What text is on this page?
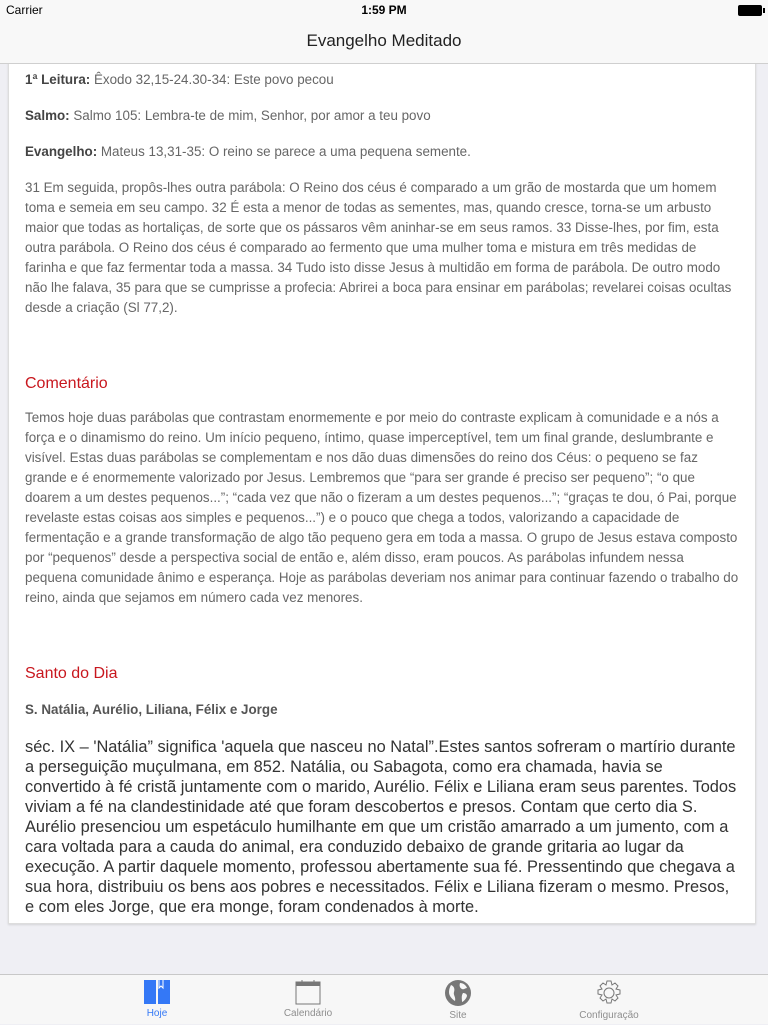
Carrier	1:59 PM
Evangelho Meditado

1ª Leitura: Êxodo 32,15-24.30-34: Este povo pecou

Salmo: Salmo 105: Lembra-te de mim, Senhor, por amor a teu povo

Evangelho: Mateus 13,31-35: O reino se parece a uma pequena semente.

31 Em seguida, propôs-lhes outra parábola: O Reino dos céus é comparado a um grão de mostarda que um homem toma e semeia em seu campo. 32 É esta a menor de todas as sementes, mas, quando cresce, torna-se um arbusto maior que todas as hortaliças, de sorte que os pássaros vêm aninhar-se em seus ramos. 33 Disse-lhes, por fim, esta outra parábola. O Reino dos céus é comparado ao fermento que uma mulher toma e mistura em três medidas de farinha e que faz fermentar toda a massa. 34 Tudo isto disse Jesus à multidão em forma de parábola. De outro modo não lhe falava, 35 para que se cumprisse a profecia: Abrirei a boca para ensinar em parábolas; revelarei coisas ocultas desde a criação (Sl 77,2).

Comentário

Temos hoje duas parábolas que contrastam enormemente e por meio do contraste explicam à comunidade e a nós a força e o dinamismo do reino. Um início pequeno, íntimo, quase imperceptível, tem um final grande, deslumbrante e visível. Estas duas parábolas se complementam e nos dão duas dimensões do reino dos Céus: o pequeno se faz grande e é enormemente valorizado por Jesus. Lembremos que “para ser grande é preciso ser pequeno”; “o que doarem a um destes pequenos...”; “cada vez que não o fizeram a um destes pequenos...”; “graças te dou, ó Pai, porque revelaste estas coisas aos simples e pequenos...”) e o pouco que chega a todos, valorizando a capacidade de fermentação e a grande transformação de algo tão pequeno gera em toda a massa. O grupo de Jesus estava composto por “pequenos” desde a perspectiva social de então e, além disso, eram poucos. As parábolas infundem nessa pequena comunidade ânimo e esperança. Hoje as parábolas deveriam nos animar para continuar fazendo o trabalho do reino, ainda que sejamos em número cada vez menores.

Santo do Dia

S. Natália, Aurélio, Liliana, Félix e Jorge

séc. IX – 'Natália” significa 'aquela que nasceu no Natal”.Estes santos sofreram o martírio durante a perseguição muçulmana, em 852. Natália, ou Sabagota, como era chamada, havia se convertido à fé cristã juntamente com o marido, Aurélio. Félix e Liliana eram seus parentes. Todos viviam a fé na clandestinidade até que foram descobertos e presos. Contam que certo dia S. Aurélio presenciou um espetáculo humilhante em que um cristão amarrado a um jumento, com a cara voltada para a cauda do animal, era conduzido debaixo de grande gritaria ao lugar da execução. A partir daquele momento, professou abertamente sua fé. Pressentindo que chegava a sua hora, distribuiu os bens aos pobres e necessitados. Félix e Liliana fizeram o mesmo. Presos, e com eles Jorge, que era monge, foram condenados à morte.

Hoje	Calendário	Site	Configuração
